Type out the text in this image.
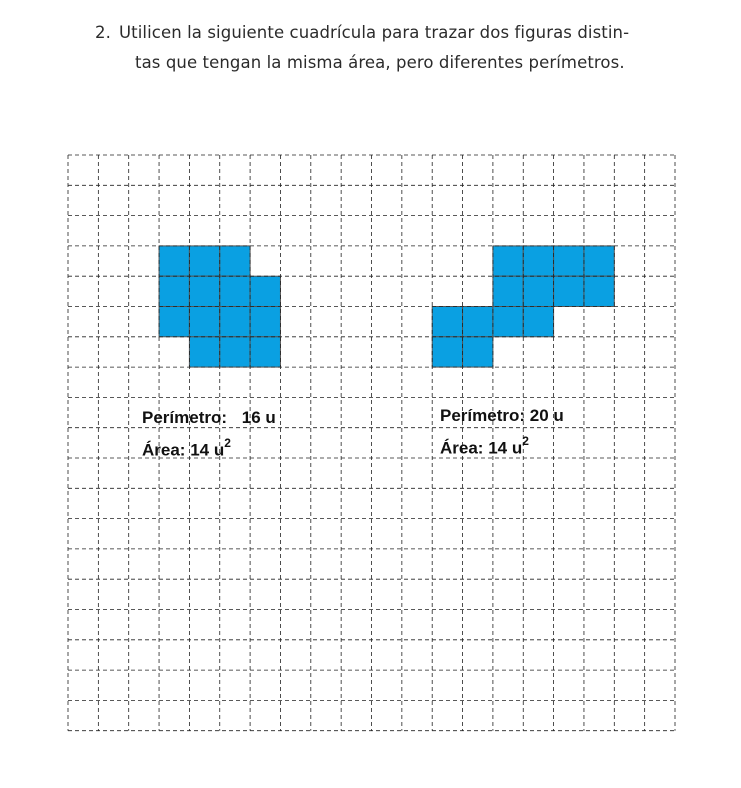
2. Utilicen la siguiente cuadrícula para trazar dos figuras distin-
tas que tengan la misma área, pero diferentes perímetros.
Perímetro: 16 u
Área: 14 $u^2$
Perímetro: 20 u
Área: 14 $u^2$
